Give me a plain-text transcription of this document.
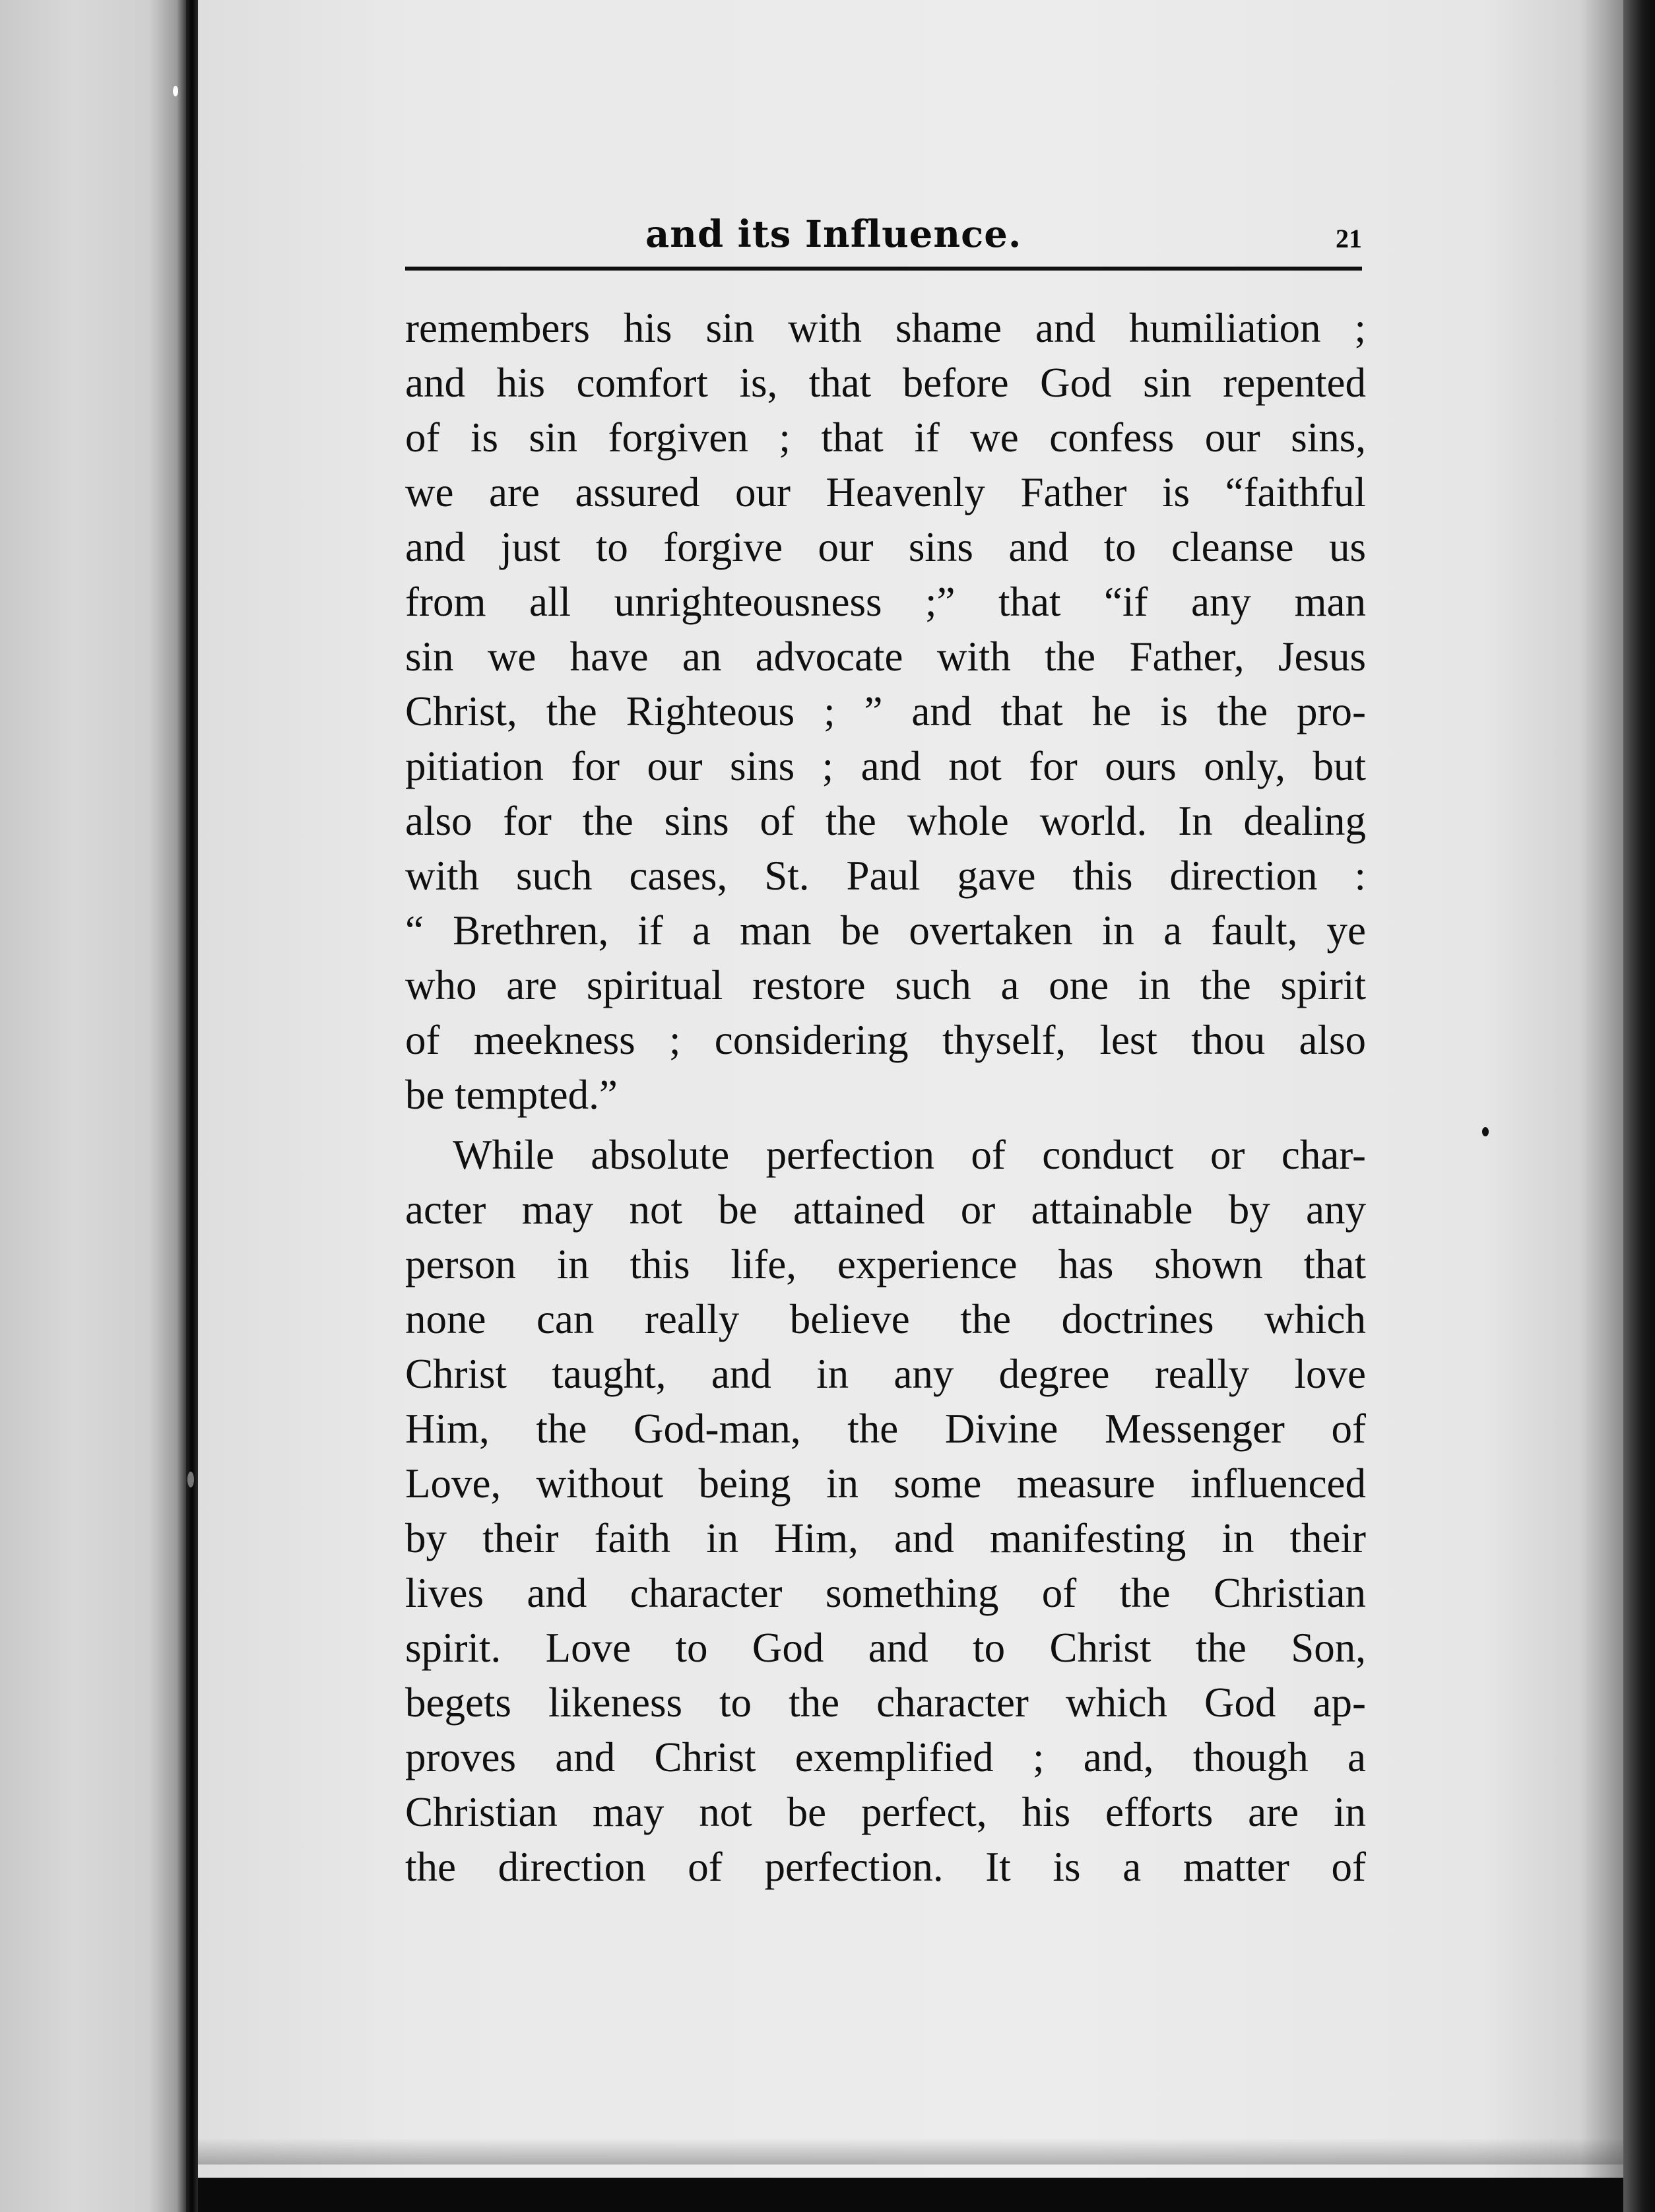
and its Influence.	21
remembers his sin with shame and humiliation ;
and his comfort is, that before God sin repented
of is sin forgiven ; that if we confess our sins,
we are assured our Heavenly Father is “faithful
and just to forgive our sins and to cleanse us
from all unrighteousness ;” that “if any man
sin we have an advocate with the Father, Jesus
Christ, the Righteous ; ” and that he is the pro-
pitiation for our sins ; and not for ours only, but
also for the sins of the whole world. In dealing
with such cases, St. Paul gave this direction :
“ Brethren, if a man be overtaken in a fault, ye
who are spiritual restore such a one in the spirit
of meekness ; considering thyself, lest thou also
be tempted.”
While absolute perfection of conduct or char-
acter may not be attained or attainable by any
person in this life, experience has shown that
none can really believe the doctrines which
Christ taught, and in any degree really love
Him, the God-man, the Divine Messenger of
Love, without being in some measure influenced
by their faith in Him, and manifesting in their
lives and character something of the Christian
spirit. Love to God and to Christ the Son,
begets likeness to the character which God ap-
proves and Christ exemplified ; and, though a
Christian may not be perfect, his efforts are in
the direction of perfection. It is a matter of
